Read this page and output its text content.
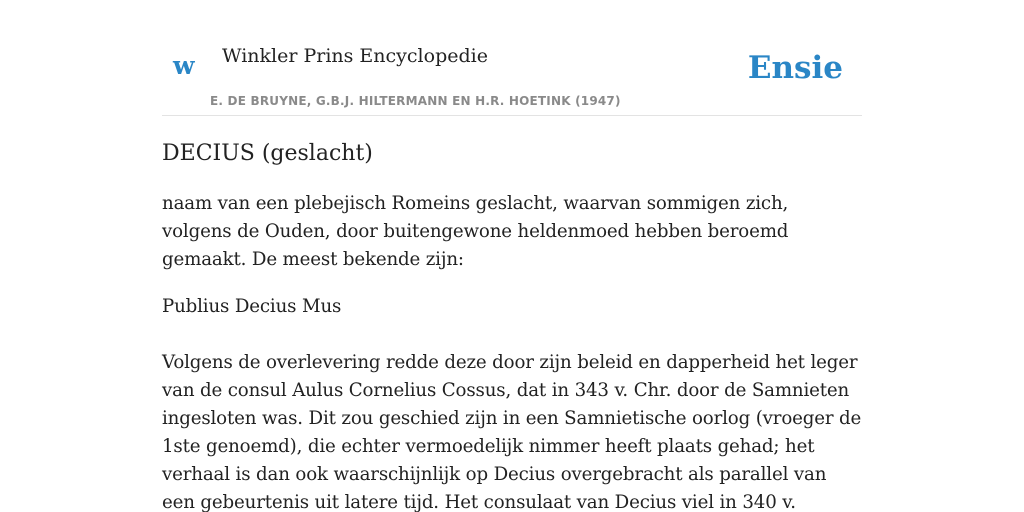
w Winkler Prins Encyclopedie	Ensie
E. DE BRUYNE, G.B.J. HILTERMANN EN H.R. HOETINK (1947)
DECIUS (geslacht)

naam van een plebejisch Romeins geslacht, waarvan sommigen zich, volgens de Ouden, door buitengewone heldenmoed hebben beroemd gemaakt. De meest bekende zijn:

Publius Decius Mus

Volgens de overlevering redde deze door zijn beleid en dapperheid het leger van de consul Aulus Cornelius Cossus, dat in 343 v. Chr. door de Samnieten ingesloten was. Dit zou geschied zijn in een Samnietische oorlog (vroeger de 1ste genoemd), die echter vermoedelijk nimmer heeft plaats gehad; het verhaal is dan ook waarschijnlijk op Decius overgebracht als parallel van een gebeurtenis uit latere tijd. Het consulaat van Decius viel in 340 v.
